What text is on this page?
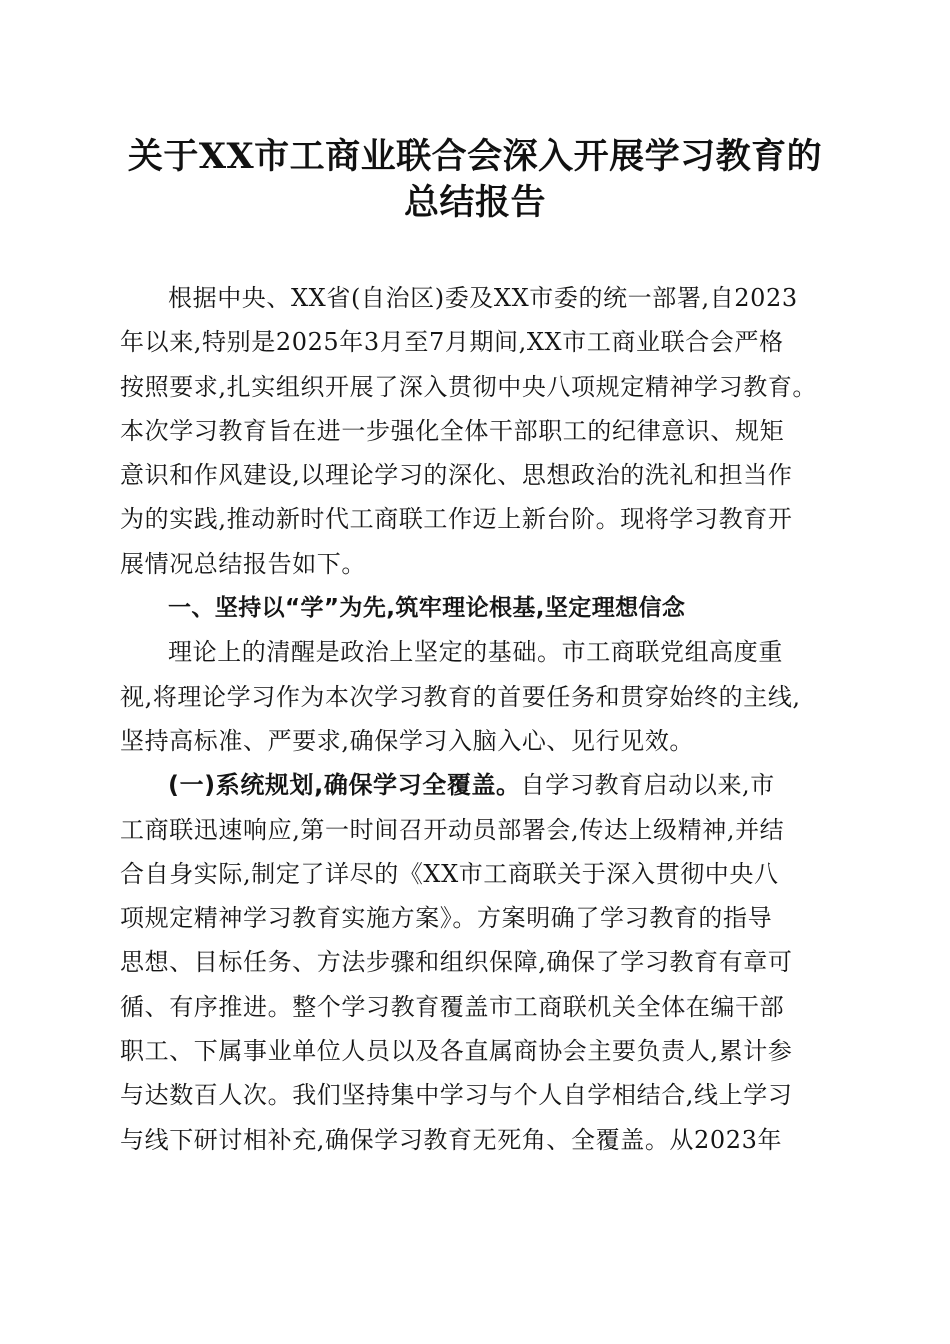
关于XX市工商业联合会深入开展学习教育的
总结报告
根据中央、XX省(自治区)委及XX市委的统一部署,自2023
年以来,特别是2025年3月至7月期间,XX市工商业联合会严格
按照要求,扎实组织开展了深入贯彻中央八项规定精神学习教育。
本次学习教育旨在进一步强化全体干部职工的纪律意识、规矩
意识和作风建设,以理论学习的深化、思想政治的洗礼和担当作
为的实践,推动新时代工商联工作迈上新台阶。现将学习教育开
展情况总结报告如下。
一、坚持以“学”为先,筑牢理论根基,坚定理想信念
理论上的清醒是政治上坚定的基础。市工商联党组高度重
视,将理论学习作为本次学习教育的首要任务和贯穿始终的主线,
坚持高标准、严要求,确保学习入脑入心、见行见效。
(一)系统规划,确保学习全覆盖。自学习教育启动以来,市
工商联迅速响应,第一时间召开动员部署会,传达上级精神,并结
合自身实际,制定了详尽的《XX市工商联关于深入贯彻中央八
项规定精神学习教育实施方案》。方案明确了学习教育的指导
思想、目标任务、方法步骤和组织保障,确保了学习教育有章可
循、有序推进。整个学习教育覆盖市工商联机关全体在编干部
职工、下属事业单位人员以及各直属商协会主要负责人,累计参
与达数百人次。我们坚持集中学习与个人自学相结合,线上学习
与线下研讨相补充,确保学习教育无死角、全覆盖。从2023年
